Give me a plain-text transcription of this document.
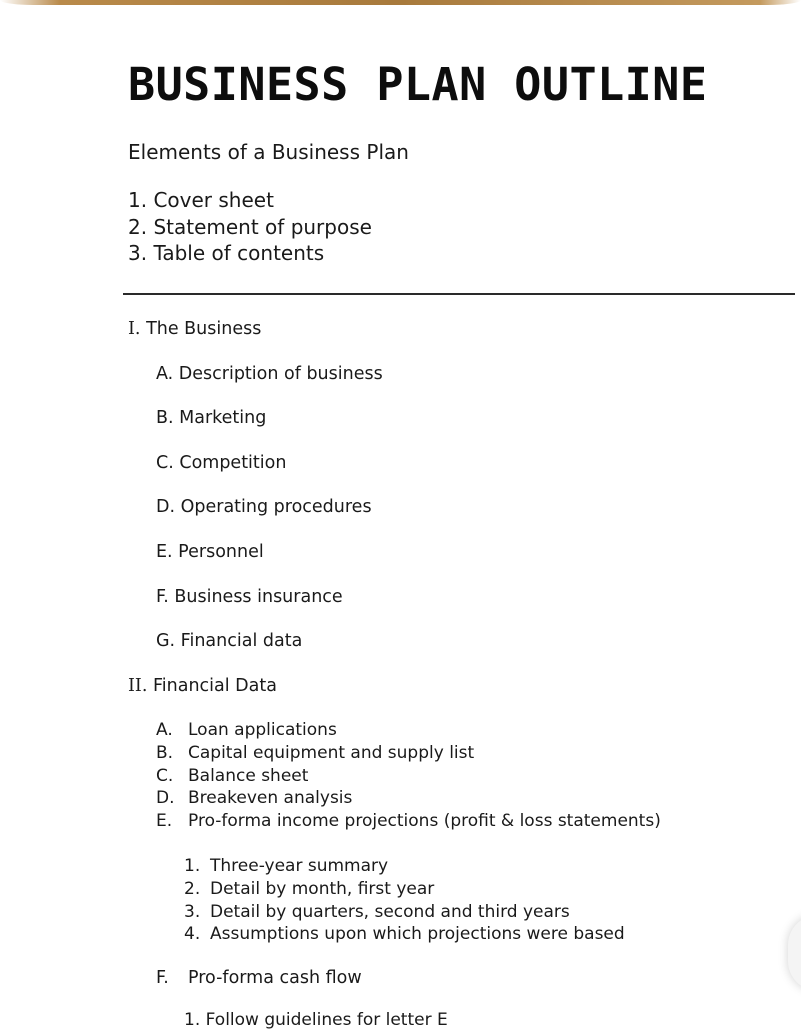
BUSINESS PLAN OUTLINE
Elements of a Business Plan
1. Cover sheet
2. Statement of purpose
3. Table of contents
I. The Business
A. Description of business
B. Marketing
C. Competition
D. Operating procedures
E. Personnel
F. Business insurance
G. Financial data
II. Financial Data
A. Loan applications
B. Capital equipment and supply list
C. Balance sheet
D. Breakeven analysis
E. Pro-forma income projections (profit & loss statements)
1. Three-year summary
2. Detail by month, first year
3. Detail by quarters, second and third years
4. Assumptions upon which projections were based
F. Pro-forma cash flow
1. Follow guidelines for letter E
